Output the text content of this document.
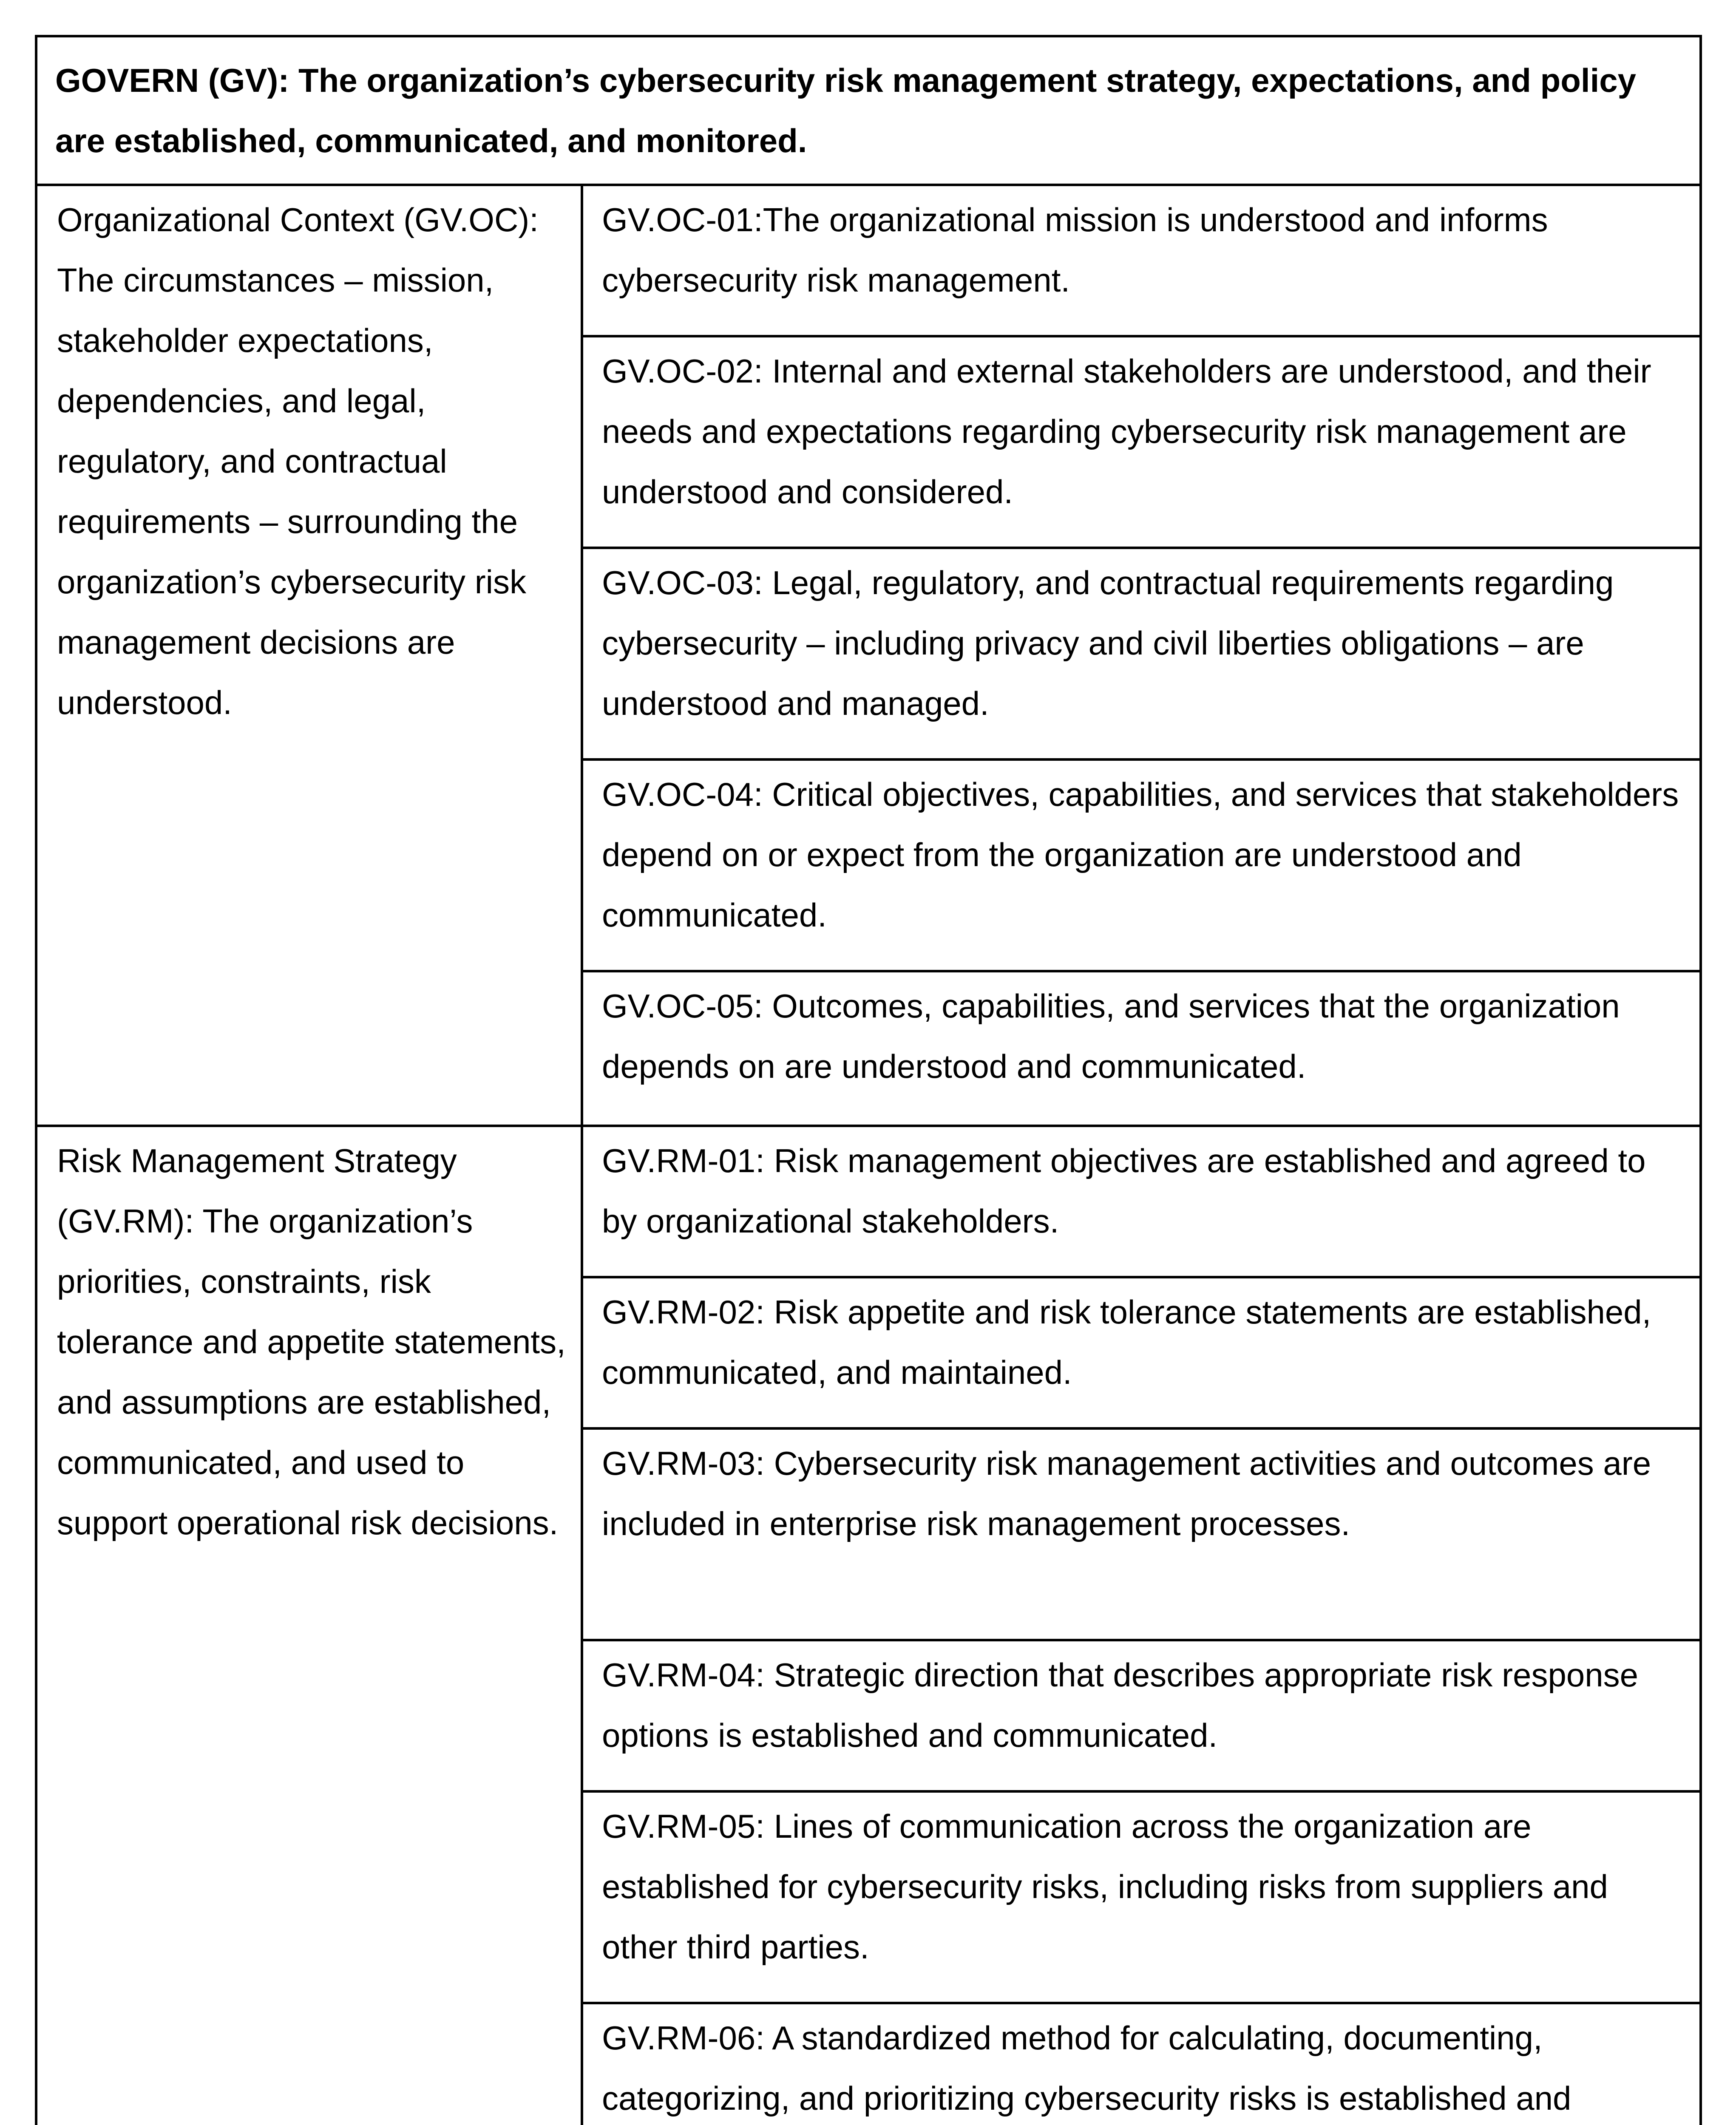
GOVERN (GV): The organization’s cybersecurity risk management strategy, expectations, and policy are established, communicated, and monitored.
Organizational Context (GV.OC): The circumstances – mission, stakeholder expectations, dependencies, and legal, regulatory, and contractual requirements – surrounding the organization’s cybersecurity risk management decisions are understood.
GV.OC-01:The organizational mission is understood and informs cybersecurity risk management.
GV.OC-02: Internal and external stakeholders are understood, and their needs and expectations regarding cybersecurity risk management are understood and considered.
GV.OC-03: Legal, regulatory, and contractual requirements regarding cybersecurity – including privacy and civil liberties obligations – are understood and managed.
GV.OC-04: Critical objectives, capabilities, and services that stakeholders depend on or expect from the organization are understood and communicated.
GV.OC-05: Outcomes, capabilities, and services that the organization depends on are understood and communicated.
Risk Management Strategy (GV.RM): The organization’s priorities, constraints, risk tolerance and appetite statements, and assumptions are established, communicated, and used to support operational risk decisions.
GV.RM-01: Risk management objectives are established and agreed to by organizational stakeholders.
GV.RM-02: Risk appetite and risk tolerance statements are established, communicated, and maintained.
GV.RM-03: Cybersecurity risk management activities and outcomes are included in enterprise risk management processes.
GV.RM-04: Strategic direction that describes appropriate risk response options is established and communicated.
GV.RM-05: Lines of communication across the organization are established for cybersecurity risks, including risks from suppliers and other third parties.
GV.RM-06: A standardized method for calculating, documenting, categorizing, and prioritizing cybersecurity risks is established and
